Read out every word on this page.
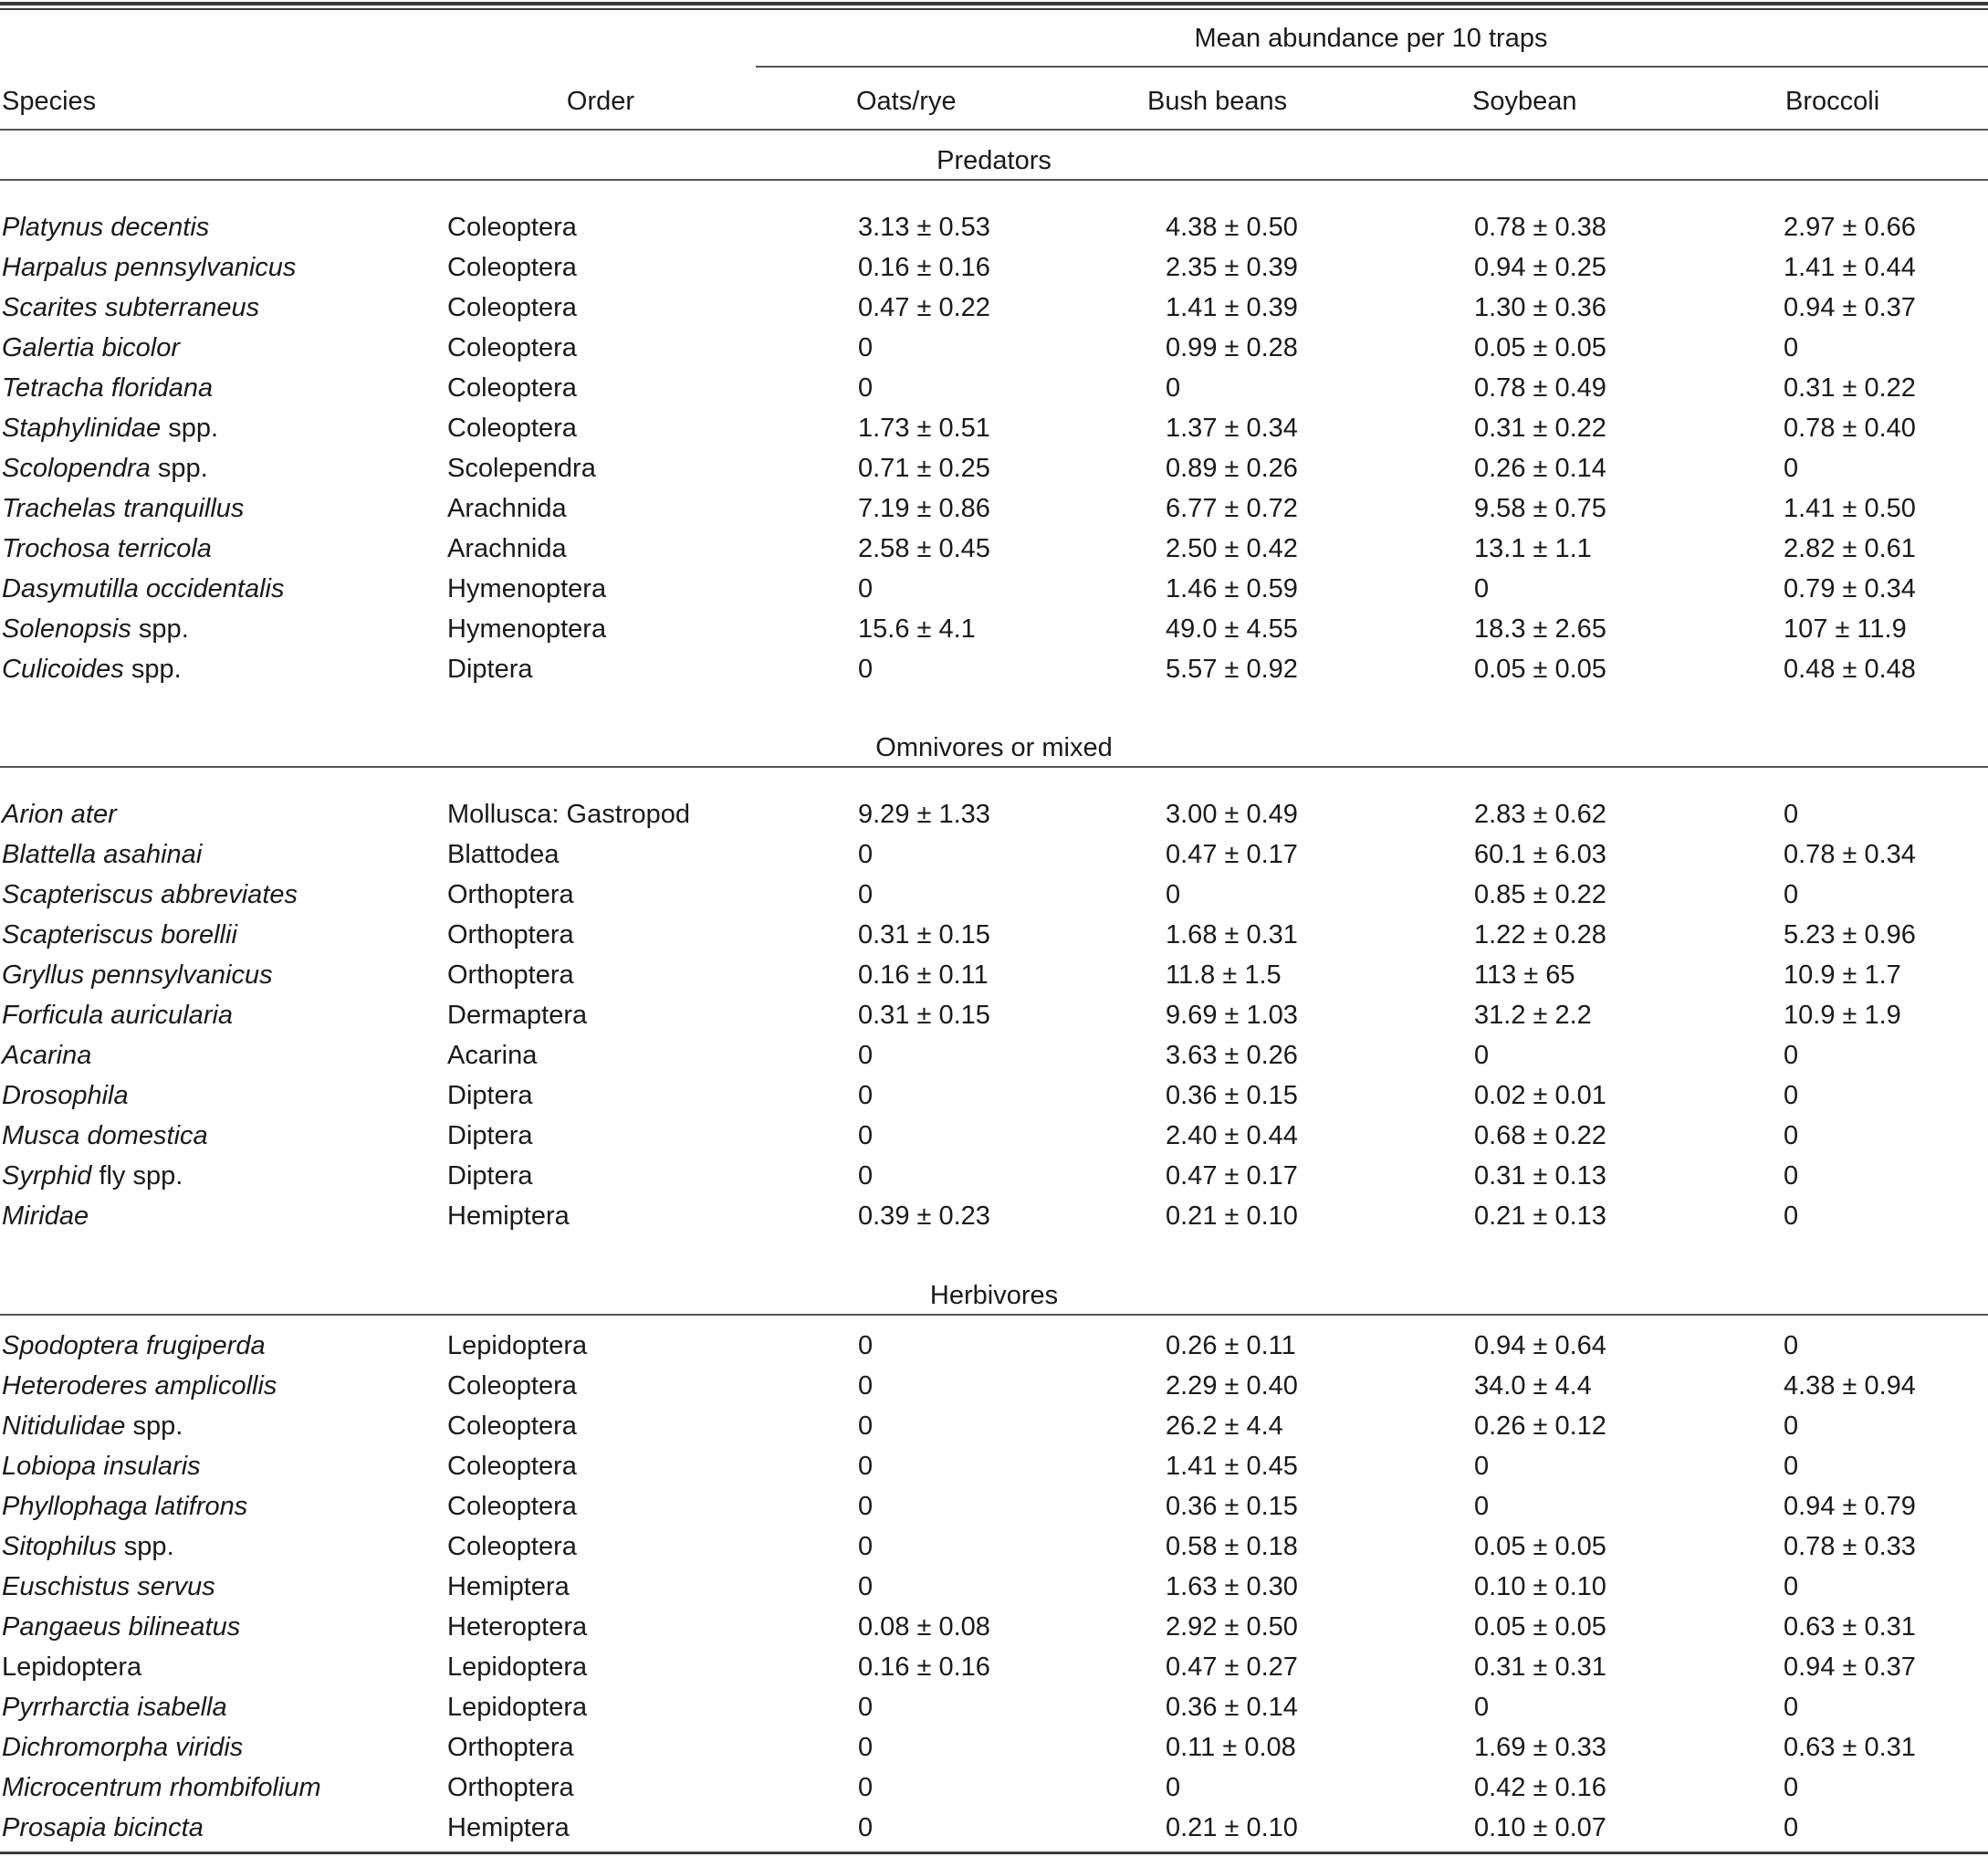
Mean abundance per 10 traps
Species	Order	Oats/rye	Bush beans	Soybean	Broccoli
Predators
Platynus decentis	Coleoptera	3.13 ± 0.53	4.38 ± 0.50	0.78 ± 0.38	2.97 ± 0.66
Harpalus pennsylvanicus	Coleoptera	0.16 ± 0.16	2.35 ± 0.39	0.94 ± 0.25	1.41 ± 0.44
Scarites subterraneus	Coleoptera	0.47 ± 0.22	1.41 ± 0.39	1.30 ± 0.36	0.94 ± 0.37
Galertia bicolor	Coleoptera	0	0.99 ± 0.28	0.05 ± 0.05	0
Tetracha floridana	Coleoptera	0	0	0.78 ± 0.49	0.31 ± 0.22
Staphylinidae spp.	Coleoptera	1.73 ± 0.51	1.37 ± 0.34	0.31 ± 0.22	0.78 ± 0.40
Scolopendra spp.	Scolependra	0.71 ± 0.25	0.89 ± 0.26	0.26 ± 0.14	0
Trachelas tranquillus	Arachnida	7.19 ± 0.86	6.77 ± 0.72	9.58 ± 0.75	1.41 ± 0.50
Trochosa terricola	Arachnida	2.58 ± 0.45	2.50 ± 0.42	13.1 ± 1.1	2.82 ± 0.61
Dasymutilla occidentalis	Hymenoptera	0	1.46 ± 0.59	0	0.79 ± 0.34
Solenopsis spp.	Hymenoptera	15.6 ± 4.1	49.0 ± 4.55	18.3 ± 2.65	107 ± 11.9
Culicoides spp.	Diptera	0	5.57 ± 0.92	0.05 ± 0.05	0.48 ± 0.48
Omnivores or mixed
Arion ater	Mollusca: Gastropod	9.29 ± 1.33	3.00 ± 0.49	2.83 ± 0.62	0
Blattella asahinai	Blattodea	0	0.47 ± 0.17	60.1 ± 6.03	0.78 ± 0.34
Scapteriscus abbreviates	Orthoptera	0	0	0.85 ± 0.22	0
Scapteriscus borellii	Orthoptera	0.31 ± 0.15	1.68 ± 0.31	1.22 ± 0.28	5.23 ± 0.96
Gryllus pennsylvanicus	Orthoptera	0.16 ± 0.11	11.8 ± 1.5	113 ± 65	10.9 ± 1.7
Forficula auricularia	Dermaptera	0.31 ± 0.15	9.69 ± 1.03	31.2 ± 2.2	10.9 ± 1.9
Acarina	Acarina	0	3.63 ± 0.26	0	0
Drosophila	Diptera	0	0.36 ± 0.15	0.02 ± 0.01	0
Musca domestica	Diptera	0	2.40 ± 0.44	0.68 ± 0.22	0
Syrphid fly spp.	Diptera	0	0.47 ± 0.17	0.31 ± 0.13	0
Miridae	Hemiptera	0.39 ± 0.23	0.21 ± 0.10	0.21 ± 0.13	0
Herbivores
Spodoptera frugiperda	Lepidoptera	0	0.26 ± 0.11	0.94 ± 0.64	0
Heteroderes amplicollis	Coleoptera	0	2.29 ± 0.40	34.0 ± 4.4	4.38 ± 0.94
Nitidulidae spp.	Coleoptera	0	26.2 ± 4.4	0.26 ± 0.12	0
Lobiopa insularis	Coleoptera	0	1.41 ± 0.45	0	0
Phyllophaga latifrons	Coleoptera	0	0.36 ± 0.15	0	0.94 ± 0.79
Sitophilus spp.	Coleoptera	0	0.58 ± 0.18	0.05 ± 0.05	0.78 ± 0.33
Euschistus servus	Hemiptera	0	1.63 ± 0.30	0.10 ± 0.10	0
Pangaeus bilineatus	Heteroptera	0.08 ± 0.08	2.92 ± 0.50	0.05 ± 0.05	0.63 ± 0.31
Lepidoptera	Lepidoptera	0.16 ± 0.16	0.47 ± 0.27	0.31 ± 0.31	0.94 ± 0.37
Pyrrharctia isabella	Lepidoptera	0	0.36 ± 0.14	0	0
Dichromorpha viridis	Orthoptera	0	0.11 ± 0.08	1.69 ± 0.33	0.63 ± 0.31
Microcentrum rhombifolium	Orthoptera	0	0	0.42 ± 0.16	0
Prosapia bicincta	Hemiptera	0	0.21 ± 0.10	0.10 ± 0.07	0
